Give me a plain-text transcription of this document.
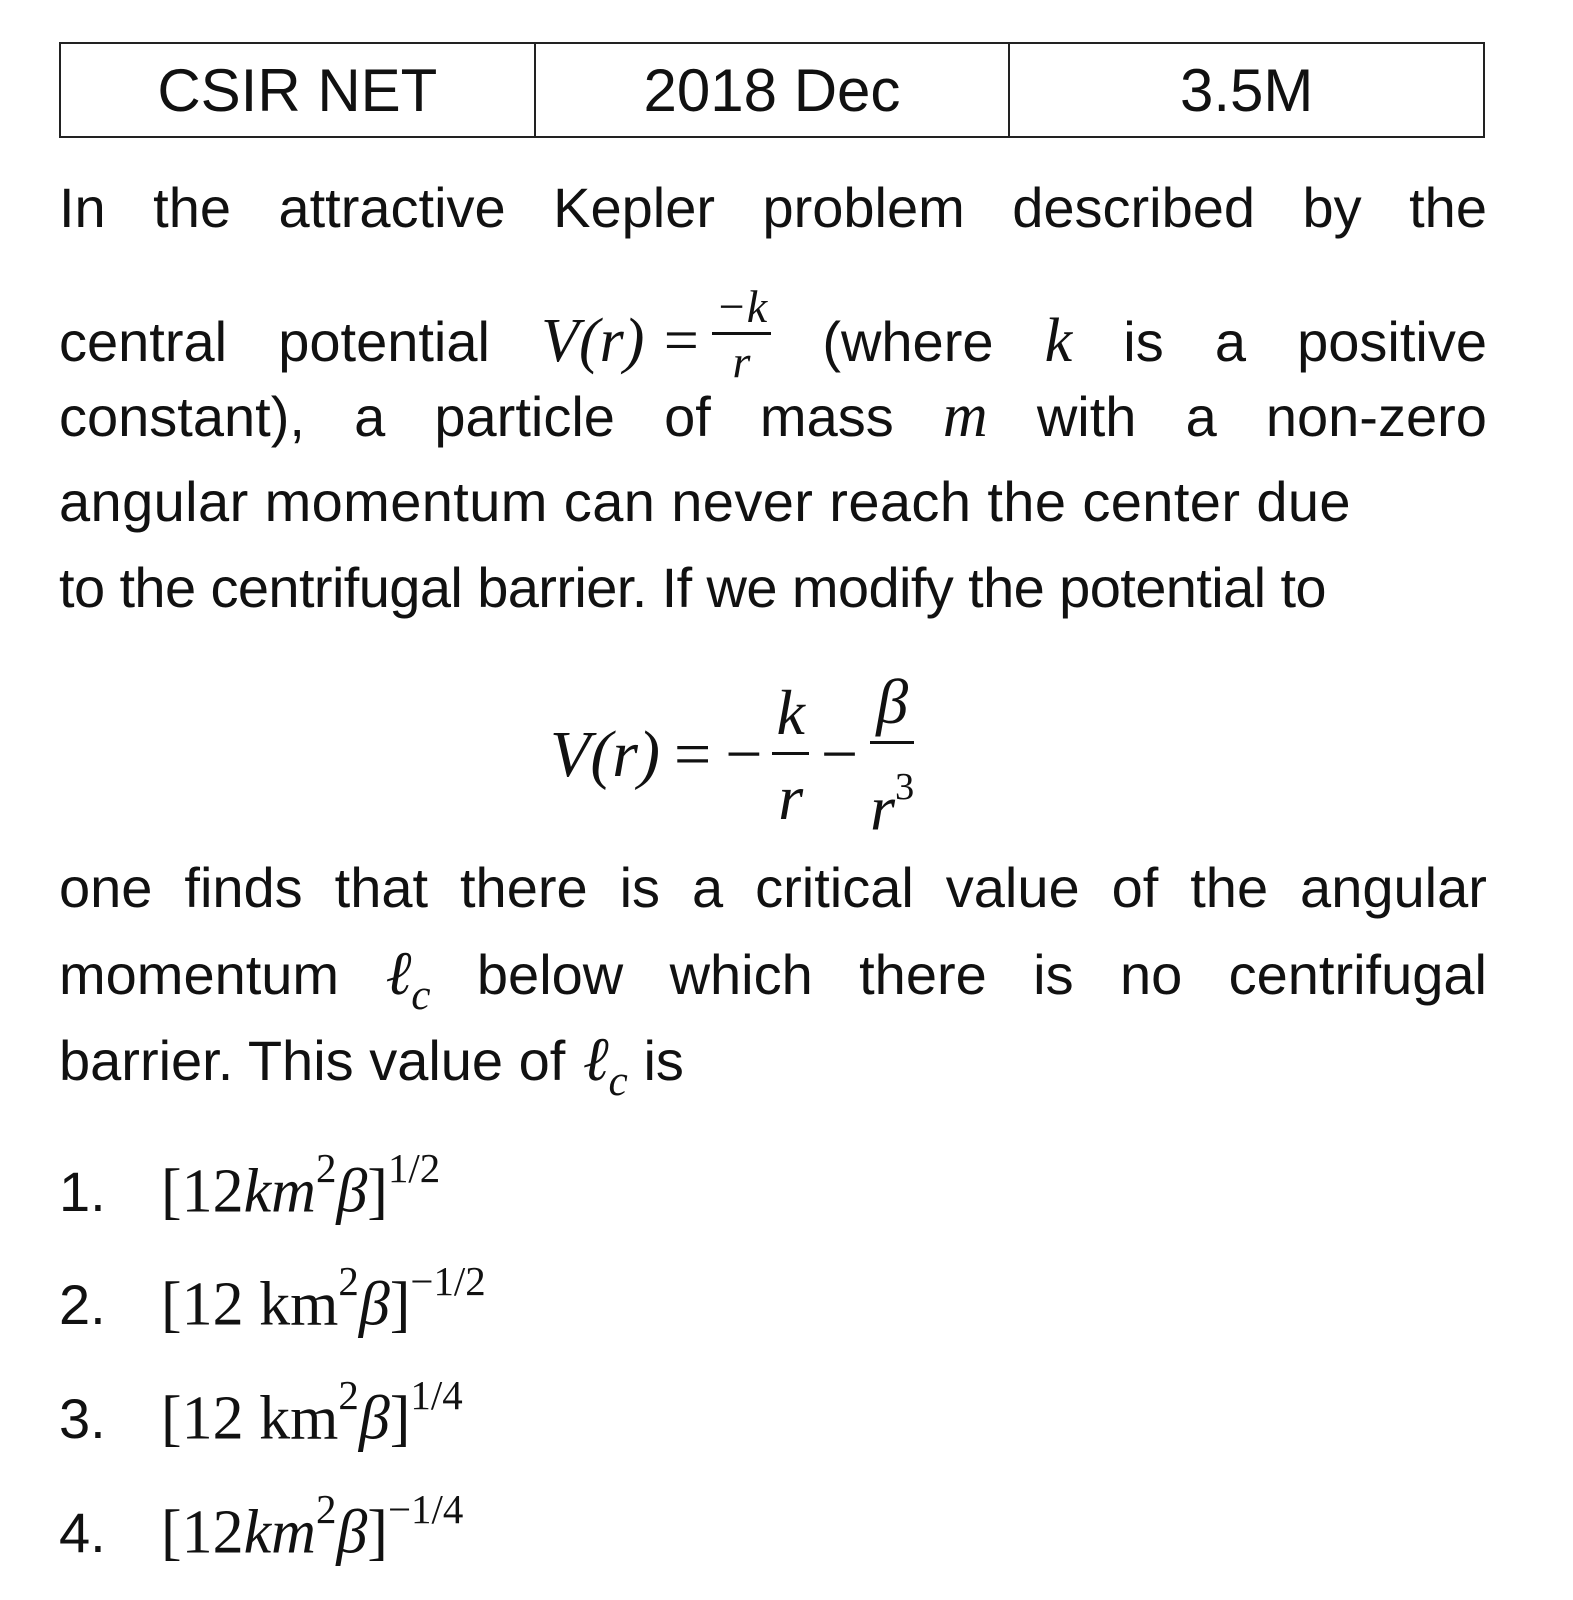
CSIR NET	2018 Dec	3.5M
In the attractive Kepler problem described by the
central potential $V(r) = \frac{-k}{r}$ (where k is a positive
constant), a particle of mass m with a non-zero
angular momentum can never reach the center due
to the centrifugal barrier. If we modify the potential to
V(r) = − $\frac{k}{r} - \frac{\beta}{r^3}$
one finds that there is a critical value of the angular
momentum ℓ$_c$ below which there is no centrifugal
barrier. This value of ℓ$_c$ is
1. $[12km^2\beta]^{1/2}$
2. [12 $km^2\beta]^{-1/2}$
3. [12 $km^2\beta]^{1/4}$
4. $[12km^2\beta]^{-1/4}$
